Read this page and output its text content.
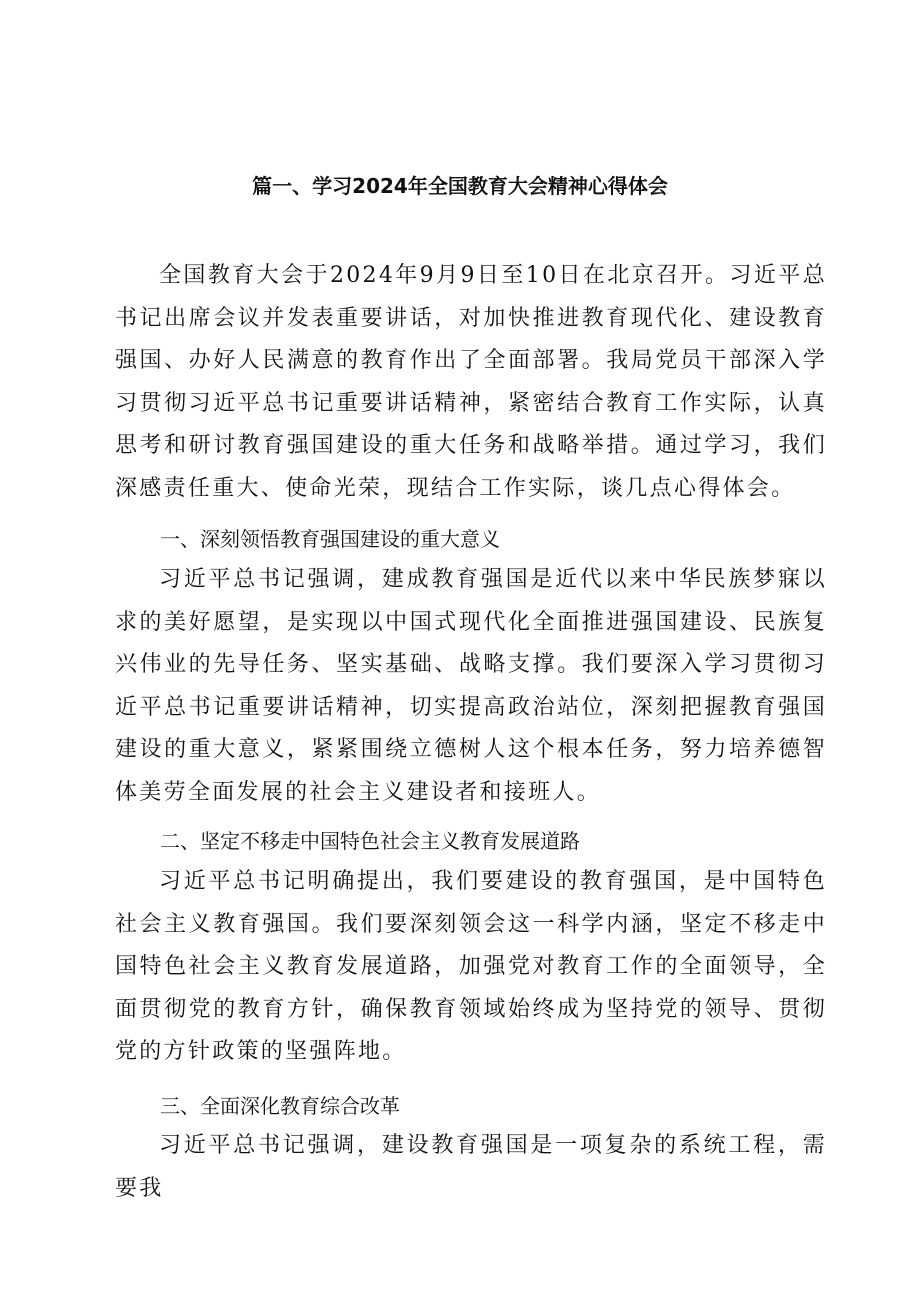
篇一、学习2024年全国教育大会精神心得体会

全国教育大会于2024年9月9日至10日在北京召开。习近平总书记出席会议并发表重要讲话，对加快推进教育现代化、建设教育强国、办好人民满意的教育作出了全面部署。我局党员干部深入学习贯彻习近平总书记重要讲话精神，紧密结合教育工作实际，认真思考和研讨教育强国建设的重大任务和战略举措。通过学习，我们深感责任重大、使命光荣，现结合工作实际，谈几点心得体会。

一、深刻领悟教育强国建设的重大意义

习近平总书记强调，建成教育强国是近代以来中华民族梦寐以求的美好愿望，是实现以中国式现代化全面推进强国建设、民族复兴伟业的先导任务、坚实基础、战略支撑。我们要深入学习贯彻习近平总书记重要讲话精神，切实提高政治站位，深刻把握教育强国建设的重大意义，紧紧围绕立德树人这个根本任务，努力培养德智体美劳全面发展的社会主义建设者和接班人。

二、坚定不移走中国特色社会主义教育发展道路

习近平总书记明确提出，我们要建设的教育强国，是中国特色社会主义教育强国。我们要深刻领会这一科学内涵，坚定不移走中国特色社会主义教育发展道路，加强党对教育工作的全面领导，全面贯彻党的教育方针，确保教育领域始终成为坚持党的领导、贯彻党的方针政策的坚强阵地。

三、全面深化教育综合改革

习近平总书记强调，建设教育强国是一项复杂的系统工程，需要我
